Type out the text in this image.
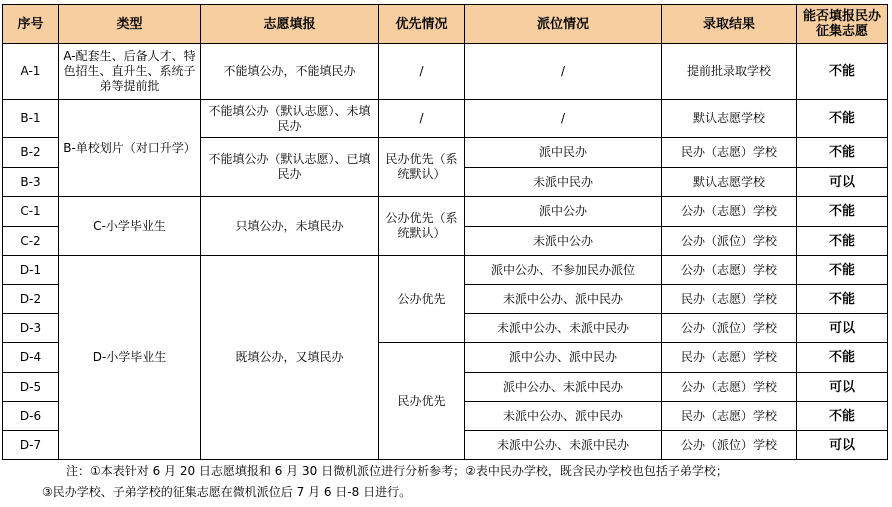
序号	类型	志愿填报	优先情况	派位情况	录取结果	能否填报民办征集志愿
A-1	A-配套生、后备人才、特色招生、直升生、系统子弟等提前批	不能填公办，不能填民办	/	/	提前批录取学校	不能
B-1	B-单校划片（对口升学）	不能填公办（默认志愿）、未填民办	/	/	默认志愿学校	不能
B-2		不能填公办（默认志愿）、已填民办	民办优先（系统默认）	派中民办	民办（志愿）学校	不能
B-3				未派中民办	默认志愿学校	可以
C-1	C-小学毕业生	只填公办，未填民办	公办优先（系统默认）	派中公办	公办（志愿）学校	不能
C-2				未派中公办	公办（派位）学校	不能
D-1	D-小学毕业生	既填公办，又填民办	公办优先	派中公办、不参加民办派位	公办（志愿）学校	不能
D-2				未派中公办、派中民办	民办（志愿）学校	不能
D-3				未派中公办、未派中民办	公办（派位）学校	可以
D-4			民办优先	派中公办、派中民办	民办（志愿）学校	不能
D-5				派中公办、未派中民办	公办（志愿）学校	可以
D-6				未派中公办、派中民办	民办（志愿）学校	不能
D-7				未派中公办、未派中民办	公办（派位）学校	可以
注：①本表针对 6 月 20 日志愿填报和 6 月 30 日微机派位进行分析参考；②表中民办学校，既含民办学校也包括子弟学校；
③民办学校、子弟学校的征集志愿在微机派位后 7 月 6 日-8 日进行。
